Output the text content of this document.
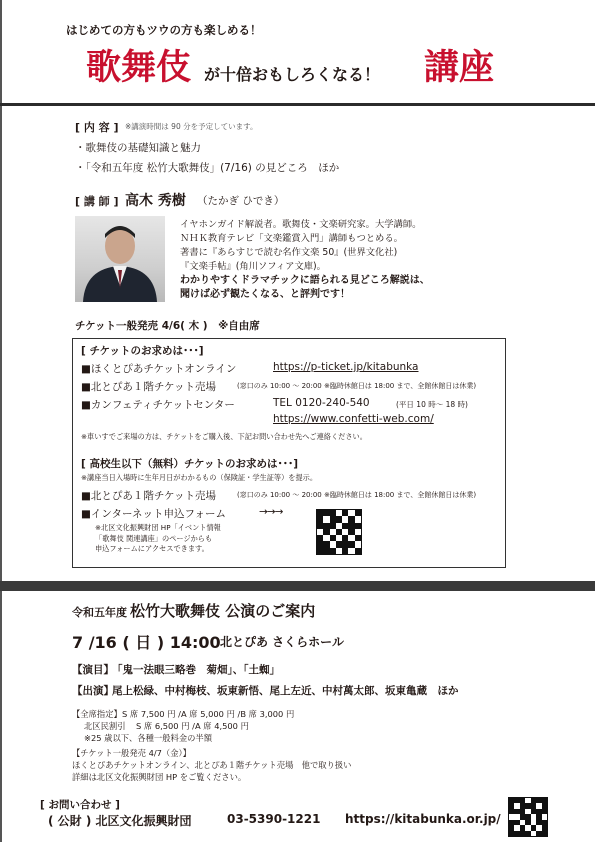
はじめての方もツウの方も楽しめる！
歌舞伎 が十倍おもしろくなる！ 講座
[ 内 容 ] ※講演時間は 90 分を予定しています。
・歌舞伎の基礎知識と魅力
・「令和五年度 松竹大歌舞伎」(7/16) の見どころ　ほか
[ 講 師 ] 高木 秀樹 （たかぎ ひでき）
イヤホンガイド解説者。歌舞伎・文楽研究家。大学講師。
ＮＨＫ教育テレビ「文楽鑑賞入門」講師もつとめる。
著書に『あらすじで読む名作文楽 50』(世界文化社)
『文楽手帖』(角川ソフィア文庫)。
わかりやすくドラマチックに語られる見どころ解説は、
聞けば必ず観たくなる、と評判です！
チケット一般発売 4/6( 木 )　※自由席
[ チケットのお求めは･･･]
■ほくとぴあチケットオンライン	https://p-ticket.jp/kitabunka
■北とぴあ１階チケット売場	(窓口のみ 10:00 ～ 20:00 ※臨時休館日は 18:00 まで、全館休館日は休業)
■カンフェティチケットセンター	TEL 0120-240-540	(平日 10 時～ 18 時)
https://www.confetti-web.com/
※車いすでご来場の方は、チケットをご購入後、下記お問い合わせ先へご連絡ください。
[ 高校生以下（無料）チケットのお求めは･･･]
※講座当日入場時に生年月日がわかるもの（保険証・学生証等）を提示。
■北とぴあ１階チケット売場	(窓口のみ 10:00 ～ 20:00 ※臨時休館日は 18:00 まで、全館休館日は休業)
■インターネット申込フォーム	→→→
※北区文化振興財団 HP「イベント情報
「歌舞伎 関連講座」のページからも
申込フォームにアクセスできます。
令和五年度 松竹大歌舞伎 公演のご案内
7 /16 ( 日 ) 14:00 北とぴあ さくらホール
【演目】
「鬼一法眼三略巻　菊畑」、「土蜘」
【出演】
尾上松緑、中村梅枝、坂東新悟、尾上左近、中村萬太郎、坂東亀蔵　ほか
【全席指定】 S 席 7,500 円 /A 席 5,000 円 /B 席 3,000 円
北区民割引 S 席 6,500 円 /A 席 4,500 円
※25 歳以下、各種一般料金の半額
【チケット一般発売 4/7（金）】
ほくとぴあチケットオンライン、北とぴあ１階チケット売場　他で取り扱い
詳細は北区文化振興財団 HP をご覧ください。
[ お問い合わせ ]
( 公財 ) 北区文化振興財団	03-5390-1221 https://kitabunka.or.jp/
